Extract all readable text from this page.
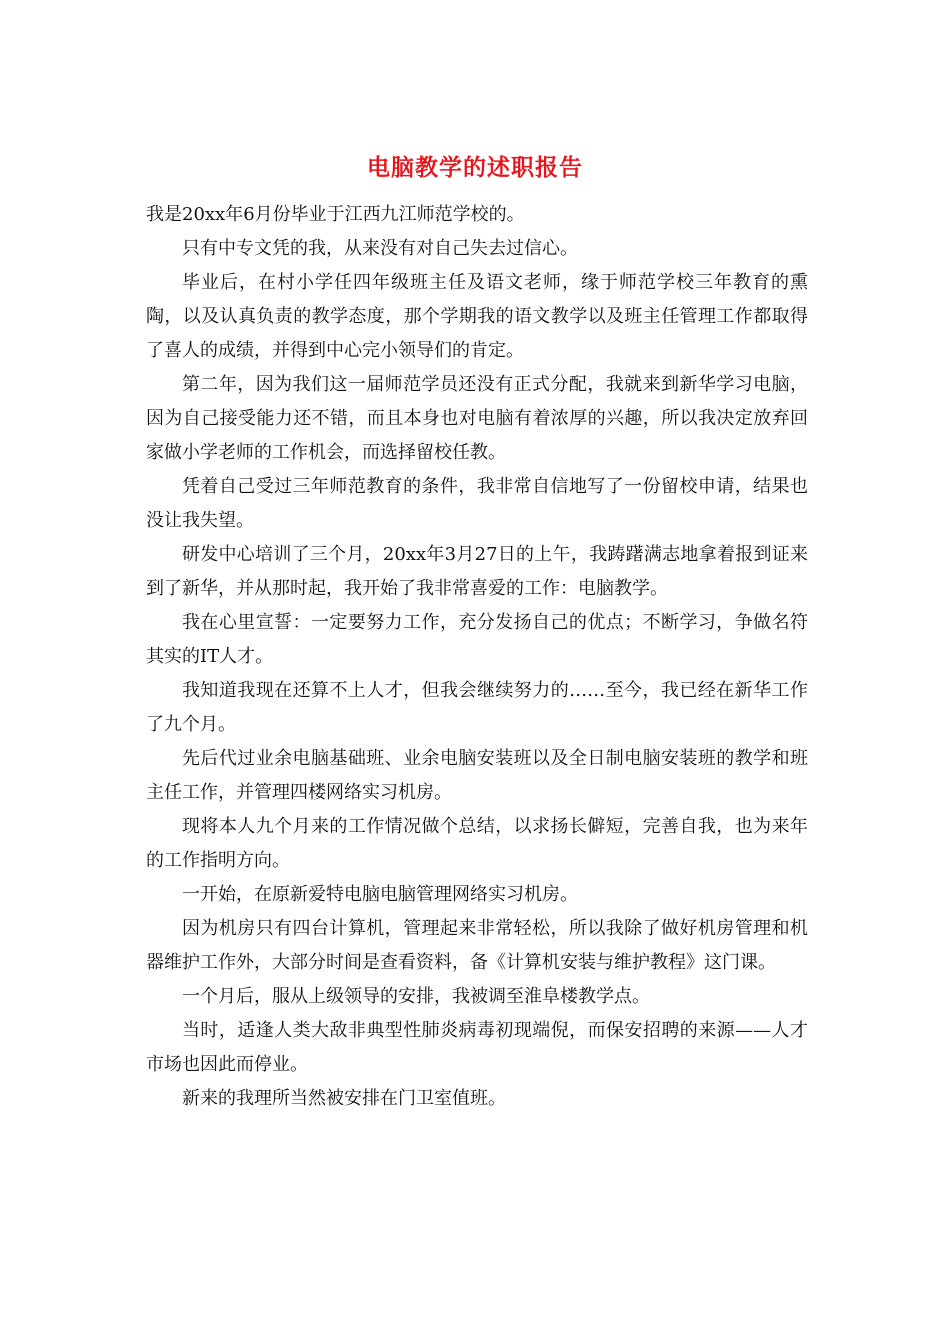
电脑教学的述职报告

我是20xx年6月份毕业于江西九江师范学校的。

只有中专文凭的我，从来没有对自己失去过信心。

毕业后，在村小学任四年级班主任及语文老师，缘于师范学校三年教育的熏陶，以及认真负责的教学态度，那个学期我的语文教学以及班主任管理工作都取得了喜人的成绩，并得到中心完小领导们的肯定。

第二年，因为我们这一届师范学员还没有正式分配，我就来到新华学习电脑，因为自己接受能力还不错，而且本身也对电脑有着浓厚的兴趣，所以我决定放弃回家做小学老师的工作机会，而选择留校任教。

凭着自己受过三年师范教育的条件，我非常自信地写了一份留校申请，结果也没让我失望。

研发中心培训了三个月，20xx年3月27日的上午，我踌躇满志地拿着报到证来到了新华，并从那时起，我开始了我非常喜爱的工作：电脑教学。

我在心里宣誓：一定要努力工作，充分发扬自己的优点；不断学习，争做名符其实的IT人才。

我知道我现在还算不上人才，但我会继续努力的……至今，我已经在新华工作了九个月。

先后代过业余电脑基础班、业余电脑安装班以及全日制电脑安装班的教学和班主任工作，并管理四楼网络实习机房。

现将本人九个月来的工作情况做个总结，以求扬长僻短，完善自我，也为来年的工作指明方向。

一开始，在原新爱特电脑电脑管理网络实习机房。

因为机房只有四台计算机，管理起来非常轻松，所以我除了做好机房管理和机器维护工作外，大部分时间是查看资料，备《计算机安装与维护教程》这门课。

一个月后，服从上级领导的安排，我被调至淮阜楼教学点。

当时，适逢人类大敌非典型性肺炎病毒初现端倪，而保安招聘的来源——人才市场也因此而停业。

新来的我理所当然被安排在门卫室值班。
